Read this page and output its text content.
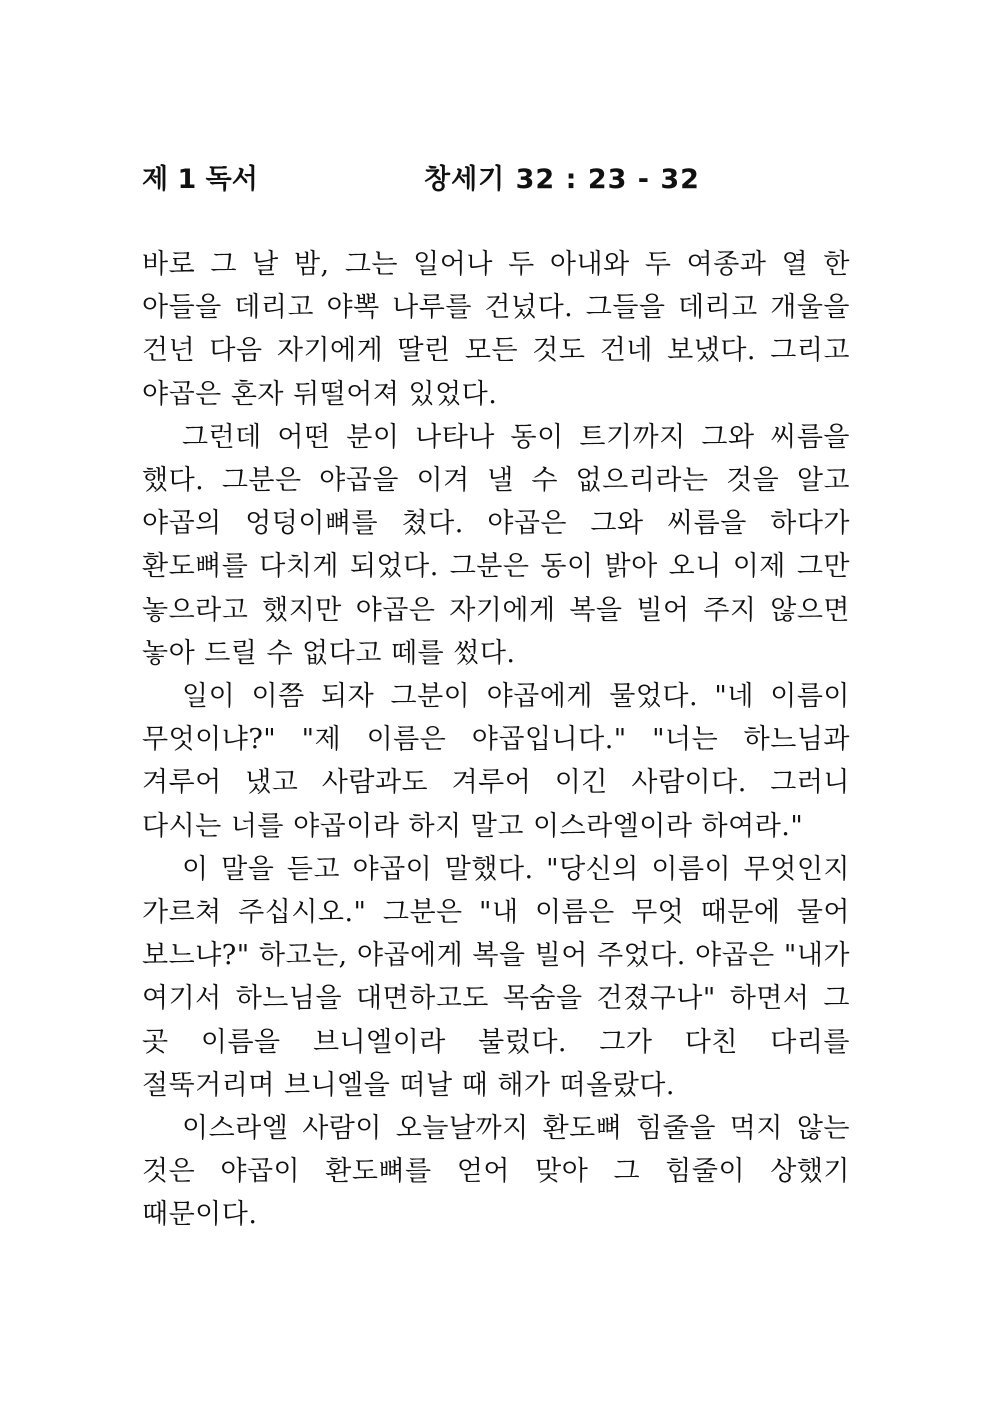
제 1 독서	창세기 32 : 23 - 32

바로 그 날 밤, 그는 일어나 두 아내와 두 여종과 열 한 아들을 데리고 야뽁 나루를 건넜다. 그들을 데리고 개울을 건넌 다음 자기에게 딸린 모든 것도 건네 보냈다. 그리고 야곱은 혼자 뒤떨어져 있었다.

그런데 어떤 분이 나타나 동이 트기까지 그와 씨름을 했다. 그분은 야곱을 이겨 낼 수 없으리라는 것을 알고 야곱의 엉덩이뼈를 쳤다. 야곱은 그와 씨름을 하다가 환도뼈를 다치게 되었다. 그분은 동이 밝아 오니 이제 그만 놓으라고 했지만 야곱은 자기에게 복을 빌어 주지 않으면 놓아 드릴 수 없다고 떼를 썼다.

일이 이쯤 되자 그분이 야곱에게 물었다. "네 이름이 무엇이냐?" "제 이름은 야곱입니다." "너는 하느님과 겨루어 냈고 사람과도 겨루어 이긴 사람이다. 그러니 다시는 너를 야곱이라 하지 말고 이스라엘이라 하여라."

이 말을 듣고 야곱이 말했다. "당신의 이름이 무엇인지 가르쳐 주십시오." 그분은 "내 이름은 무엇 때문에 물어 보느냐?" 하고는, 야곱에게 복을 빌어 주었다. 야곱은 "내가 여기서 하느님을 대면하고도 목숨을 건졌구나" 하면서 그 곳 이름을 브니엘이라 불렀다. 그가 다친 다리를 절뚝거리며 브니엘을 떠날 때 해가 떠올랐다.

이스라엘 사람이 오늘날까지 환도뼈 힘줄을 먹지 않는 것은 야곱이 환도뼈를 얻어 맞아 그 힘줄이 상했기 때문이다.
